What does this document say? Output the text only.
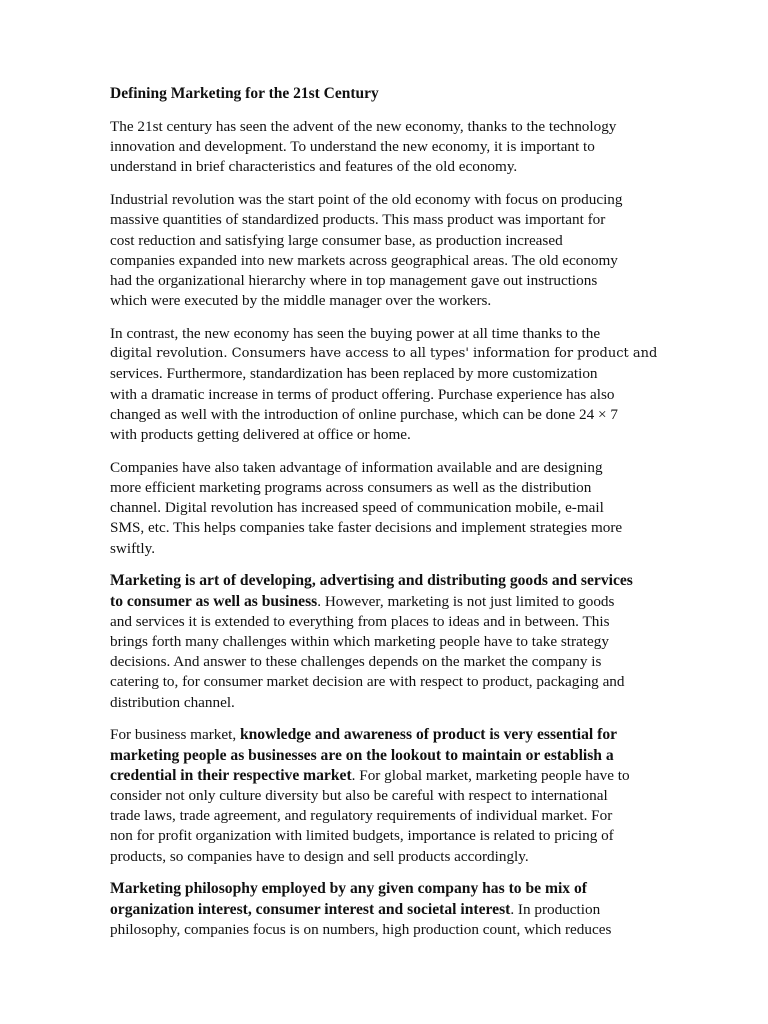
Defining Marketing for the 21st Century
The 21st century has seen the advent of the new economy, thanks to the technology
innovation and development. To understand the new economy, it is important to
understand in brief characteristics and features of the old economy.
Industrial revolution was the start point of the old economy with focus on producing
massive quantities of standardized products. This mass product was important for
cost reduction and satisfying large consumer base, as production increased
companies expanded into new markets across geographical areas. The old economy
had the organizational hierarchy where in top management gave out instructions
which were executed by the middle manager over the workers.
In contrast, the new economy has seen the buying power at all time thanks to the
digital revolution. Consumers have access to all types' information for product and
services. Furthermore, standardization has been replaced by more customization
with a dramatic increase in terms of product offering. Purchase experience has also
changed as well with the introduction of online purchase, which can be done 24 × 7
with products getting delivered at office or home.
Companies have also taken advantage of information available and are designing
more efficient marketing programs across consumers as well as the distribution
channel. Digital revolution has increased speed of communication mobile, e-mail
SMS, etc. This helps companies take faster decisions and implement strategies more
swiftly.
Marketing is art of developing, advertising and distributing goods and services
to consumer as well as business. However, marketing is not just limited to goods
and services it is extended to everything from places to ideas and in between. This
brings forth many challenges within which marketing people have to take strategy
decisions. And answer to these challenges depends on the market the company is
catering to, for consumer market decision are with respect to product, packaging and
distribution channel.
For business market, knowledge and awareness of product is very essential for
marketing people as businesses are on the lookout to maintain or establish a
credential in their respective market. For global market, marketing people have to
consider not only culture diversity but also be careful with respect to international
trade laws, trade agreement, and regulatory requirements of individual market. For
non for profit organization with limited budgets, importance is related to pricing of
products, so companies have to design and sell products accordingly.
Marketing philosophy employed by any given company has to be mix of
organization interest, consumer interest and societal interest. In production
philosophy, companies focus is on numbers, high production count, which reduces
